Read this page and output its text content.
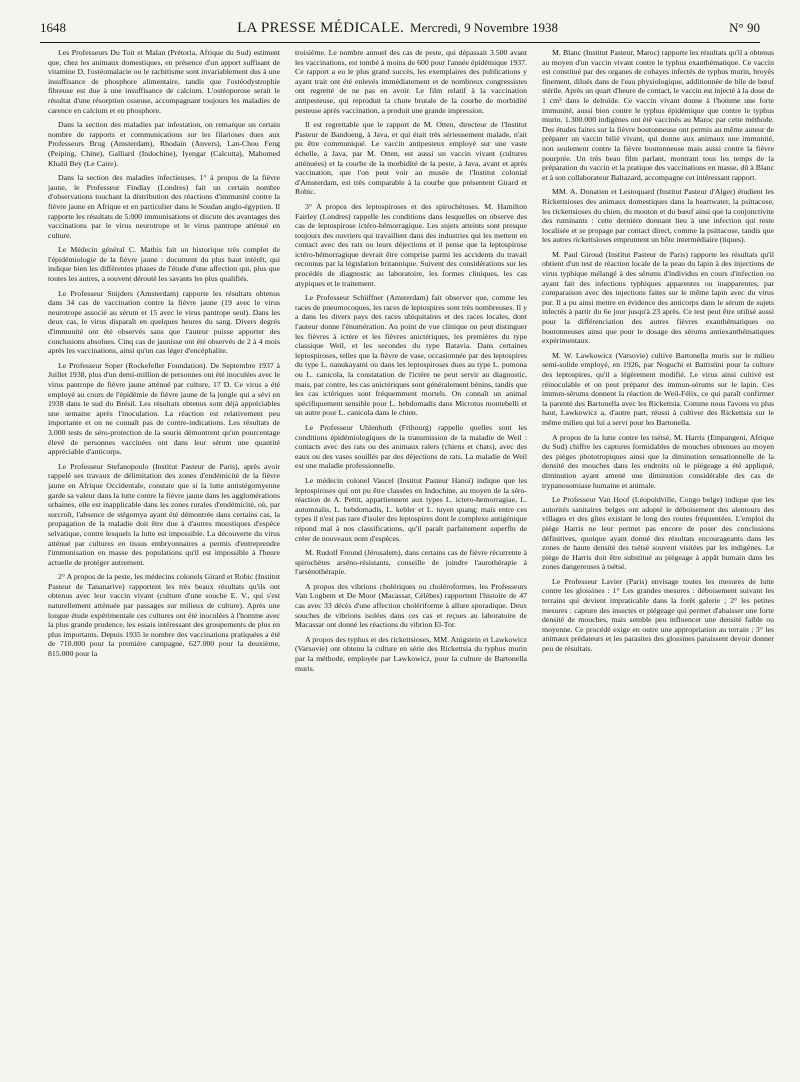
1648	LA PRESSE MÉDICALE. Mercredi, 9 Novembre 1938	N° 90

Les Professeurs Du Toit et Malan (Prétoria, Afrique du Sud) estiment que, chez les animaux domestiques, en présence d'un apport suffisant de vitamine D, l'ostéomalacie ou le rachitisme sont invariablement dus à une insuffisance de phosphore alimentaire, tandis que l'ostéodystrophie fibreuse est due à une insuffisance de calcium. L'ostéoporose serait le résultat d'une résorption osseuse, accompagnant toujours les maladies de carence en calcium et en phosphore.

Dans la section des maladies par infestation, on remarque un certain nombre de rapports et communications sur les filarioses dues aux Professeurs Brug (Amsterdam), Rhodain (Anvers), Lan-Chou Feng (Peiping, Chine), Galliard (Indochine), Iyengar (Calcutta), Mahomed Khalil Bey (Le Caire).

Dans la section des maladies infectieuses, 1° à propos de la fièvre jaune, le Professeur Findlay (Londres) fait un certain nombre d'observations touchant la distribution des réactions d'immunité contre la fièvre jaune en Afrique et en particulier dans le Soudan anglo-égyptien. Il rapporte les résultats de 5.000 immunisations et discute des avantages des vaccinations par le virus neurotrope et le virus pantrope atténué en culture.

Le Médecin général C. Mathis fait un historique très complet de l'épidémiologie de la fièvre jaune : document du plus haut intérêt, qui indique bien les différentes phases de l'étude d'une affection qui, plus que toutes les autres, a souvent dérouté les savants les plus qualifiés.

Le Professeur Snijders (Amsterdam) rapporte les résultats obtenus dans 34 cas de vaccination contre la fièvre jaune (19 avec le virus neurotrope associé au sérum et 15 avec le virus pantrope seul). Dans les deux cas, le virus disparaît en quelques heures du sang. Divers degrés d'immunité ont été observés sans que l'auteur puisse apporter des conclusions absolues. Cinq cas de jaunisse ont été observés de 2 à 4 mois après les vaccinations, ainsi qu'un cas léger d'encéphalite.

Le Professeur Soper (Rockefeller Foundation). De Septembre 1937 à Juillet 1938, plus d'un demi-million de personnes ont été inoculées avec le virus pantrope de fièvre jaune atténué par culture, 17 D. Ce virus a été employé au cours de l'épidémie de fièvre jaune de la jungle qui a sévi en 1938 dans le sud du Brésil. Les résultats obtenus sont déjà appréciables une semaine après l'inoculation. La réaction est relativement peu importante et on ne connaît pas de contre-indications. Les résultats de 3.000 tests de séro-protection de la souris démontrent qu'un pourcentage élevé de personnes vaccinées ont dans leur sérum une quantité appréciable d'anticorps.

Le Professeur Stefanopoulo (Institut Pasteur de Paris), après avoir rappelé ses travaux de délimitation des zones d'endémicité de la fièvre jaune en Afrique Occidentale, constate que si la lutte antistégomyenne garde sa valeur dans la lutte contre la fièvre jaune dans les agglomérations urbaines, elle est inapplicable dans les zones rurales d'endémicité, où, par surcroît, l'absence de stégomya ayant été démontrée dans certains cas, la propagation de la maladie doit être due à d'autres moustiques d'espèce selvatique, contre lesquels la lutte est impossible. La découverte du virus atténué par cultures en tissus embryonnaires a permis d'entreprendre l'immunisation en masse des populations qu'il est impossible à l'heure actuelle de protéger autrement.

2° A propos de la peste, les médecins colonels Girard et Robic (Institut Pasteur de Tananarive) rapportent les très beaux résultats qu'ils ont obtenus avec leur vaccin vivant (culture d'une souche E. V., qui s'est naturellement atténuée par passages sur milieux de culture). Après une longue étude expérimentale ces cultures ont été inoculées à l'homme avec la plus grande prudence, les essais intéressant des groupements de plus en plus importants. Depuis 1935 le nombre des vaccinations pratiquées a été de 710.000 pour la première campagne, 627.000 pour la deuxième, 815.000 pour la

troisième. Le nombre annuel des cas de peste, qui dépassait 3.500 avant les vaccinations, est tombé à moins de 600 pour l'année épidémique 1937. Ce rapport a eu le plus grand succès, les exemplaires des publications y ayant trait ont été enlevés immédiatement et de nombreux congressistes ont regretté de ne pas en avoir. Le film relatif à la vaccination antipesteuse, qui reproduit la chute brutale de la courbe de morbidité pesteuse après vaccination, a produit une grande impression.

Il est regrettable que le rapport de M. Otten, directeur de l'Institut Pasteur de Bandoeng, à Java, et qui était très sérieusement malade, n'ait pu être communiqué. Le vaccin antipesteux employé sur une vaste échelle, à Java, par M. Otten, est aussi un vaccin vivant (cultures atténuées) et la courbe de la morbidité de la peste, à Java, avant et après vaccination, que l'on peut voir au musée de l'Institut colonial d'Amsterdam, est très comparable à la courbe que présentent Girard et Robic.

3° A propos des leptospiroses et des spirochétoses. M. Hamilton Fairley (Londres) rappelle les conditions dans lesquelles on observe des cas de leptospirose ictéro-hémorragique. Les sujets atteints sont presque toujours des ouvriers qui travaillent dans des industries qui les mettent en contact avec des rats ou leurs déjections et il pense que la leptospirose ictéro-hémorragique devrait être comprise parmi les accidents du travail reconnus par la législation britannique. Suivent des considérations sur les procédés de diagnostic au laboratoire, les formes cliniques, les cas atypiques et le traitement.

Le Professeur Schüffner (Amsterdam) fait observer que, comme les races de pneumocoques, les races de leptospires sont très nombreuses. Il y a dans les divers pays des races ubiquitaires et des races locales, dont l'auteur donne l'énumération. Au point de vue clinique on peut distinguer les fièvres à ictère et les fièvres anictériques, les premières du type classique Weil, et les secondes du type Batavia. Dans certaines leptospiroses, telles que la fièvre de vase, occasionnée par des leptospires du type L. nanukayami ou dans les leptospiroses dues au type L. pomona ou L. canicola, la constatation de l'ictère ne peut servir au diagnostic, mais, par contre, les cas anictériques sont généralement bénins, tandis que les cas ictériques sont fréquemment mortels. On connaît un animal spécifiquement sensible pour L. hebdomadis dans Microtus montebelli et un autre pour L. canicola dans le chien.

Le Professeur Uhlenhuth (Fribourg) rappelle quelles sont les conditions épidémiologiques de la transmission de la maladie de Weil : contacts avec des rats ou des animaux ralers (chiens et chats), avec des eaux ou des vases souillés par des déjections de rats. La maladie de Weil est une maladie professionnelle.

Le médecin colonel Vaucel (Institut Pasteur Hanoï) indique que les leptospiroses qui ont pu être classées en Indochine, au moyen de la séro-réaction de A. Pettit, appartiennent aux types L. ictero-hemorragiae, L. autumnalis, L. hebdomadis, L. kebler et L. tuyen quang; mais entre ces types il n'est pas rare d'isoler des leptospires dont le complexe antigénique répond mal à nos classifications, qu'il paraît parfaitement superflu de créer de nouveaux nom d'espèces.

M. Rudolf Freund (Jérusalem), dans certains cas de fièvre récurrente à spirochètes arséno-résistants, conseille de joindre l'aurothérapie à l'arsénothérapie.

A propos des vibrions cholériques ou choléroformes, les Professeurs Van Loghem et De Moor (Macassar, Célèbes) rapportent l'histoire de 47 cas avec 33 décès d'une affection cholériforme à allure sporadique. Deux souches de vibrions isolées dans ces cas et reçues au laboratoire de Macassar ont donné les réactions du vibrion El-Tor.

A propos des typhus et des rickettsioses, MM. Anigstein et Lawkowicz (Varsovie) ont obtenu la culture en série des Rickettsia du typhus murin par la méthode, employée par Lawkowicz, pour la culture de Bartonella muris.

M. Blanc (Institut Pasteur, Maroc) rapporte les résultats qu'il a obtenus au moyen d'un vaccin vivant contre le typhus exanthématique. Ce vaccin est constitué par des organes de cobayes infectés de typhus murin, broyés finement, dilués dans de l'eau physiologique, additionnée de bile de bœuf stérile. Après un quart d'heure de contact, le vaccin est injecté à la dose de 1 cm³ dans le deltoïde. Ce vaccin vivant donne à l'homme une forte immunité, aussi bien contre le typhus épidémique que contre le typhus murin. 1.300.000 indigènes ont été vaccinés au Maroc par cette méthode. Des études faites sur la fièvre boutonneuse ont permis au même auteur de préparer un vaccin bilié vivant, qui donne aux animaux une immunité, non seulement contre la fièvre boutonneuse mais aussi contre la fièvre pourprée. Un très beau film parlant, montrant tous les temps de la préparation du vaccin et la pratique des vaccinations en masse, dû à Blanc et à son collaborateur Baltazard, accompagne cet intéressant rapport.

MM. A. Donatien et Lestoquard (Institut Pasteur d'Alger) étudient les Rickettsioses des animaux domestiques dans la heartwater, la psittacose, les rickettsioses du chien, du mouton et du bœuf ainsi que la conjonctivite des ruminants : cette dernière donnant lieu à une infection qui reste localisée et se propage par contact direct, comme la psittacose, tandis que les autres rickettsioses empruntent un hôte intermédiaire (tiques).

M. Paul Giroud (Institut Pasteur de Paris) rapporte les résultats qu'il obtient d'un test de réaction locale de la peau du lapin à des injections de virus typhique mélangé à des sérums d'individus en cours d'infection ou ayant fait des infections typhiques apparentes ou inapparentes, par comparaison avec des injections faites sur le même lapin avec du virus pur. Il a pu ainsi mettre en évidence des anticorps dans le sérum de sujets infectés à partir du 6e jour jusqu'à 23 après. Ce test peut être utilisé aussi pour la différenciation des autres fièvres exanthématiques ou boutonneuses ainsi que pour le dosage des sérums antiexanthématiques expérimentaux.

M. W. Lawkowicz (Varsovie) cultive Bartonella muris sur le milieu semi-solide employé, en 1926, par Noguchi et Battistini pour la culture des leptospires, qu'il a légèrement modifié. Le virus ainsi cultivé est réinoculable et on peut préparer des immun-sérums sur le lapin. Ces immun-sérums donnent la réaction de Weil-Félix, ce qui paraît confirmer la parenté des Bartonella avec les Rickettsia. Comme nous l'avons vu plus haut, Lawkowicz a, d'autre part, réussi à cultiver des Rickettsia sur le même milieu qui lui a servi pour les Bartonella.

A propos de la lutte contre les tsétsé, M. Harris (Empangeni, Afrique du Sud) chiffre les captures formidables de mouches obtenues au moyen des pièges phototropiques ainsi que la diminution sensationnelle de la densité des mouches dans les endroits où le piégeage a été appliqué, diminution ayant amené une diminution considérable des cas de trypanosomiase humaine et animale.

Le Professeur Van Hoof (Léopoldville, Congo belge) indique que les autorités sanitaires belges ont adopté le déboisement des alentours des villages et des gîtes existant le long des routes fréquentées. L'emploi du piège Harris ne leur permet pas encore de poser des conclusions définitives, quoique ayant donné des résultats encourageants dans les zones de haute densité des tsétsé souvent visitées par les indigènes. Le piège de Harris doit être substitué au piégeage à appât humain dans les zones dangereuses à tsétsé.

Le Professeur Lavier (Paris) envisage toutes les mesures de lutte contre les glossines : 1° Les grandes mesures : déboisement suivant les terrains qui devient impraticable dans la forêt galerie ; 2° les petites mesures : capture des insectes et piégeage qui permet d'abaisser une forte densité de mouches, mais semble peu influencer une densité faible ou moyenne. Ce procédé exige en outre une appropriation au terrain ; 3° les animaux prédateurs et les parasites des glossines paraissent devoir donner peu de résultats.
